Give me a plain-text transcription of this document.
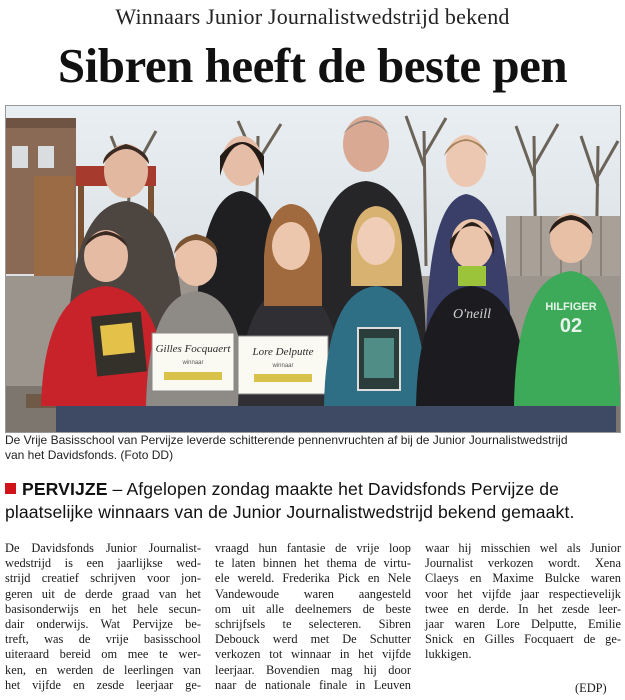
Winnaars Junior Journalistwedstrijd bekend
Sibren heeft de beste pen
Gilles Focquaert
winnaar
Lore Delputte
winnaar
O'neill	HILFIGER
02
De Vrije Basisschool van Pervijze leverde schitterende pennenvruchten af bij de Junior Journalistwedstrijd
van het Davidsfonds. (Foto DD)
PERVIJZE – Afgelopen zondag maakte het Davidsfonds Pervijze de
plaatselijke winnaars van de Junior Journalistwedstrijd bekend gemaakt.
De Davidsfonds Junior Journalist-
wedstrijd is een jaarlijkse wed-
strijd creatief schrijven voor jon-
geren uit de derde graad van het
basisonderwijs en het hele secun-
dair onderwijs. Wat Pervijze be-
treft, was de vrije basisschool
uiteraard bereid om mee te wer-
ken, en werden de leerlingen van
het vijfde en zesde leerjaar ge-
vraagd hun fantasie de vrije loop
te laten binnen het thema de virtu-
ele wereld. Frederika Pick en Nele
Vandewoude waren aangesteld
om uit alle deelnemers de beste
schrijfsels te selecteren. Sibren
Debouck werd met De Schutter
verkozen tot winnaar in het vijfde
leerjaar. Bovendien mag hij door
naar de nationale finale in Leuven
waar hij misschien wel als Junior
Journalist verkozen wordt. Xena
Claeys en Maxime Bulcke waren
voor het vijfde jaar respectievelijk
twee en derde. In het zesde leer-
jaar waren Lore Delputte, Emilie
Snick en Gilles Focquaert de ge-
lukkigen.
(EDP)
